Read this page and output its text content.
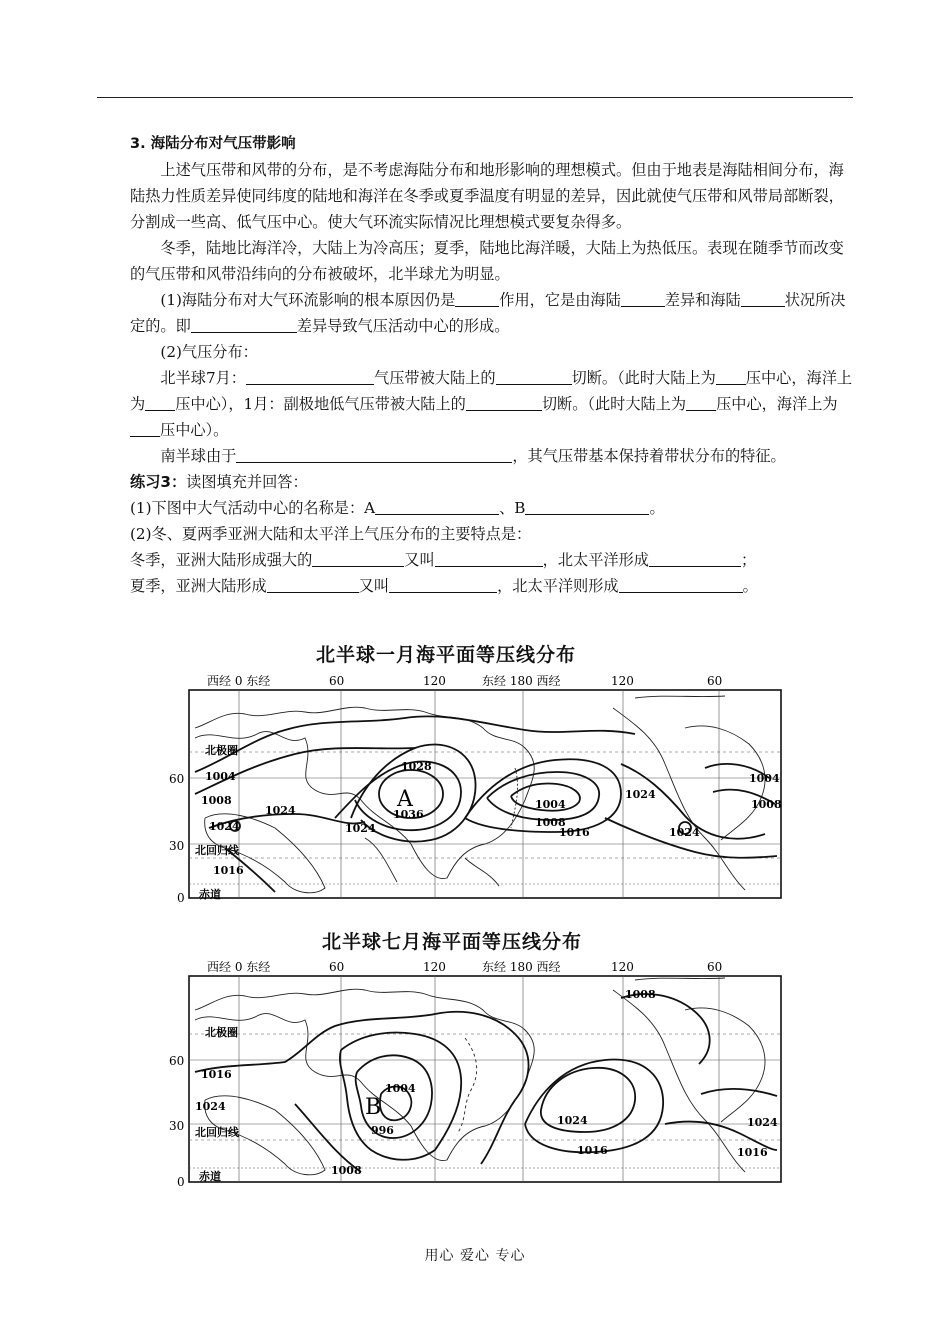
3. 海陆分布对气压带影响

上述气压带和风带的分布，是不考虑海陆分布和地形影响的理想模式。但由于地表是海陆相间分布，海陆热力性质差异使同纬度的陆地和海洋在冬季或夏季温度有明显的差异，因此就使气压带和风带局部断裂，分割成一些高、低气压中心。使大气环流实际情况比理想模式要复杂得多。

冬季，陆地比海洋冷，大陆上为冷高压；夏季，陆地比海洋暖，大陆上为热低压。表现在随季节而改变的气压带和风带沿纬向的分布被破坏，北半球尤为明显。

(1)海陆分布对大气环流影响的根本原因仍是	作用，它是由海陆	差异和海陆	状况所决定的。即	差异导致气压活动中心的形成。

(2)气压分布：

北半球7月：	气压带被大陆上的	切断。（此时大陆上为 压中心，海洋上为 压中心），1月：副极地低气压带被大陆上的	切断。（此时大陆上为 压中心，海洋上为压中心）。

南半球由于	，其气压带基本保持着带状分布的特征。

练习3：读图填充并回答：

(1)下图中大气活动中心的名称是：A	、B	。

(2)冬、夏两季亚洲大陆和太平洋上气压分布的主要特点是：

冬季，亚洲大陆形成强大的	又叫	，北太平洋形成	；

夏季，亚洲大陆形成	又叫	，北太平洋则形成	。

北半球一月海平面等压线分布
西经 0 东经	60	120	东经 180 西经	120	60
60
30
0
北极圈
北回归线
赤道
1004
1008
1024
1024
1016
1028
1036
1024
1004
1008
1016
1024
1024
1004
1008
A
北半球七月海平面等压线分布
西经 0 东经	60	120	东经 180 西经	120	60
60
30
0
北极圈
北回归线
赤道
1016
1024
1004
996
1008
1024
1016
1008
1024
1016
B
用心 爱心 专心
